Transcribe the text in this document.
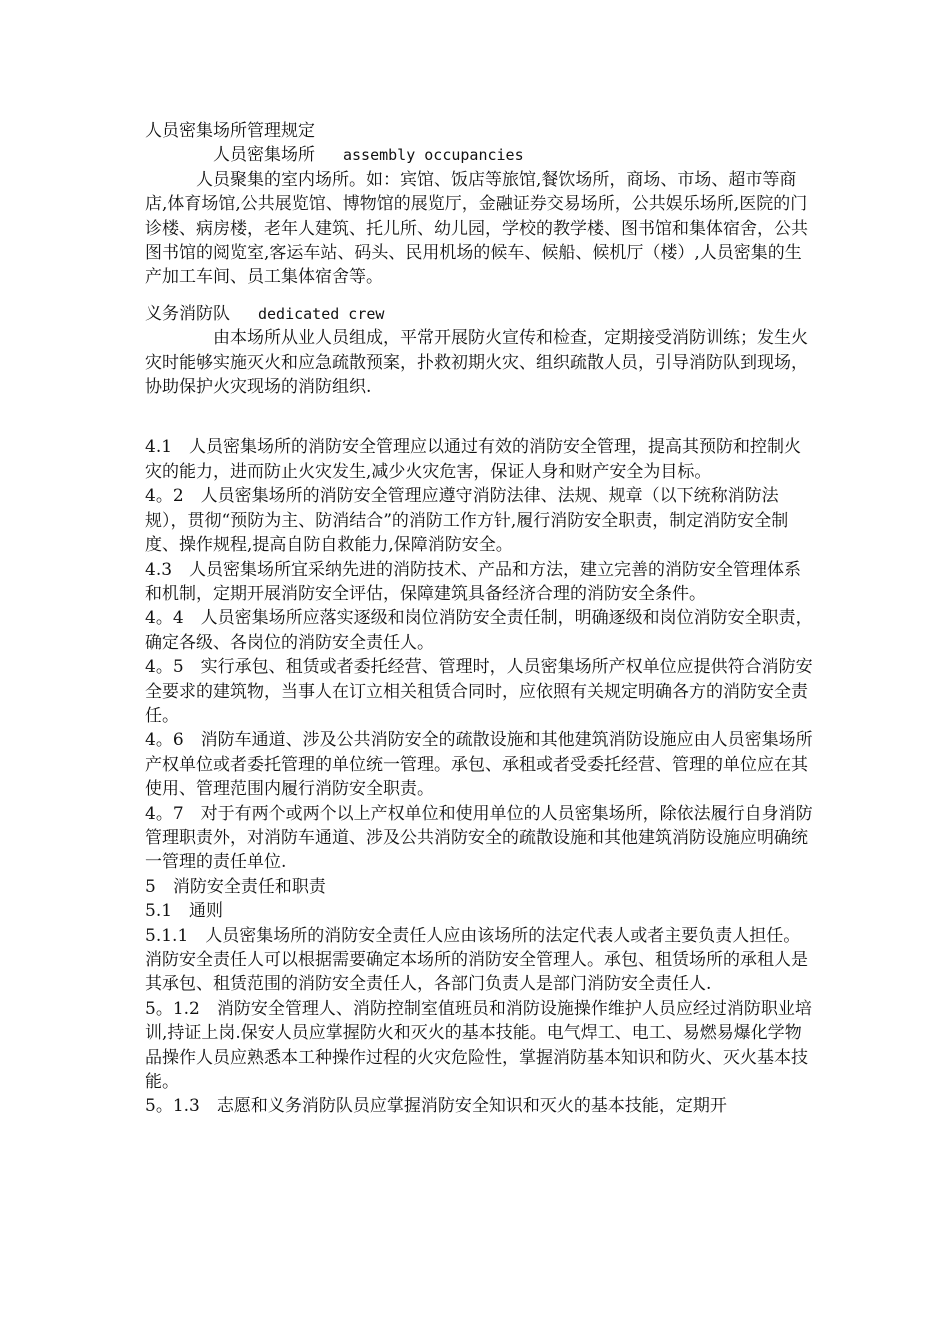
人员密集场所管理规定

人员密集场所 assembly occupancies

人员聚集的室内场所。如：宾馆、饭店等旅馆,餐饮场所，商场、市场、超市等商店,体育场馆,公共展览馆、博物馆的展览厅，金融证券交易场所，公共娱乐场所,医院的门诊楼、病房楼，老年人建筑、托儿所、幼儿园，学校的教学楼、图书馆和集体宿舍，公共图书馆的阅览室,客运车站、码头、民用机场的候车、候船、候机厅（楼）,人员密集的生产加工车间、员工集体宿舍等。

义务消防队 dedicated crew

由本场所从业人员组成，平常开展防火宣传和检查，定期接受消防训练；发生火灾时能够实施灭火和应急疏散预案，扑救初期火灾、组织疏散人员，引导消防队到现场，协助保护火灾现场的消防组织.

4.1　人员密集场所的消防安全管理应以通过有效的消防安全管理，提高其预防和控制火灾的能力，进而防止火灾发生,减少火灾危害，保证人身和财产安全为目标。

4。2　人员密集场所的消防安全管理应遵守消防法律、法规、规章（以下统称消防法规），贯彻“预防为主、防消结合”的消防工作方针,履行消防安全职责，制定消防安全制度、操作规程,提高自防自救能力,保障消防安全。

4.3　人员密集场所宜采纳先进的消防技术、产品和方法，建立完善的消防安全管理体系和机制，定期开展消防安全评估，保障建筑具备经济合理的消防安全条件。

4。4　人员密集场所应落实逐级和岗位消防安全责任制，明确逐级和岗位消防安全职责，确定各级、各岗位的消防安全责任人。

4。5　实行承包、租赁或者委托经营、管理时，人员密集场所产权单位应提供符合消防安全要求的建筑物，当事人在订立相关租赁合同时，应依照有关规定明确各方的消防安全责任。

4。6　消防车通道、涉及公共消防安全的疏散设施和其他建筑消防设施应由人员密集场所产权单位或者委托管理的单位统一管理。承包、承租或者受委托经营、管理的单位应在其使用、管理范围内履行消防安全职责。

4。7　对于有两个或两个以上产权单位和使用单位的人员密集场所，除依法履行自身消防管理职责外，对消防车通道、涉及公共消防安全的疏散设施和其他建筑消防设施应明确统一管理的责任单位.

5　消防安全责任和职责

5.1　通则

5.1.1　人员密集场所的消防安全责任人应由该场所的法定代表人或者主要负责人担任。消防安全责任人可以根据需要确定本场所的消防安全管理人。承包、租赁场所的承租人是其承包、租赁范围的消防安全责任人，各部门负责人是部门消防安全责任人.

5。1.2　消防安全管理人、消防控制室值班员和消防设施操作维护人员应经过消防职业培训,持证上岗.保安人员应掌握防火和灭火的基本技能。电气焊工、电工、易燃易爆化学物品操作人员应熟悉本工种操作过程的火灾危险性，掌握消防基本知识和防火、灭火基本技能。

5。1.3　志愿和义务消防队员应掌握消防安全知识和灭火的基本技能，定期开
